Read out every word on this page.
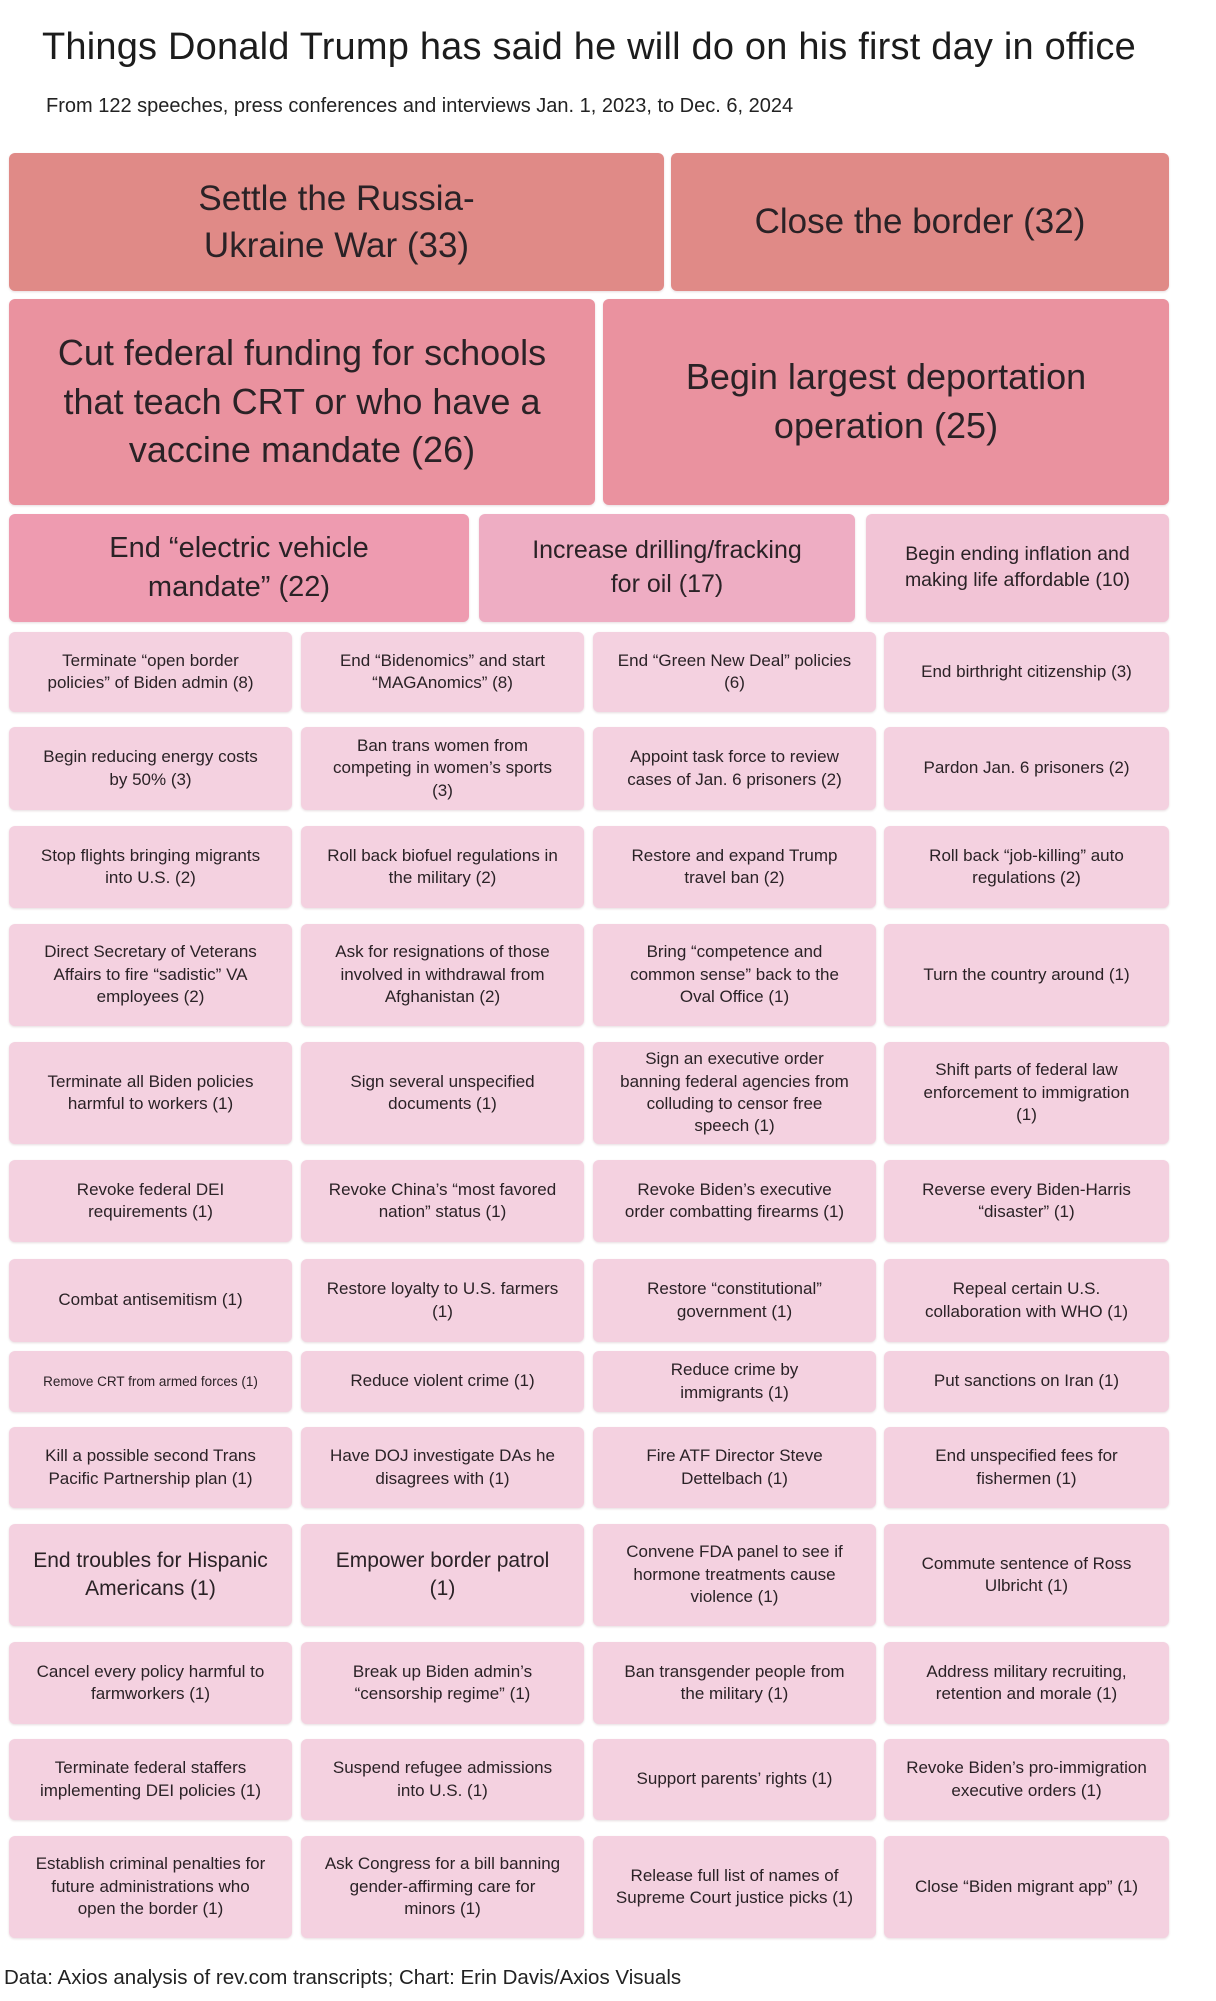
Things Donald Trump has said he will do on his first day in office
From 122 speeches, press conferences and interviews Jan. 1, 2023, to Dec. 6, 2024
Settle the Russia-
Ukraine War (33)
Close the border (32)
Cut federal funding for schools
that teach CRT or who have a
vaccine mandate (26)
Begin largest deportation
operation (25)
End “electric vehicle
mandate” (22)
Increase drilling/fracking
for oil (17)
Begin ending inflation and
making life affordable (10)
Terminate “open border
policies” of Biden admin (8)
End “Bidenomics” and start
“MAGAnomics” (8)
End “Green New Deal” policies
(6)
End birthright citizenship (3)
Begin reducing energy costs
by 50% (3)
Ban trans women from
competing in women’s sports
(3)
Appoint task force to review
cases of Jan. 6 prisoners (2)
Pardon Jan. 6 prisoners (2)
Stop flights bringing migrants
into U.S. (2)
Roll back biofuel regulations in
the military (2)
Restore and expand Trump
travel ban (2)
Roll back “job-killing” auto
regulations (2)
Direct Secretary of Veterans
Affairs to fire “sadistic” VA
employees (2)
Ask for resignations of those
involved in withdrawal from
Afghanistan (2)
Bring “competence and
common sense” back to the
Oval Office (1)
Turn the country around (1)
Terminate all Biden policies
harmful to workers (1)
Sign several unspecified
documents (1)
Sign an executive order
banning federal agencies from
colluding to censor free
speech (1)
Shift parts of federal law
enforcement to immigration
(1)
Revoke federal DEI
requirements (1)
Revoke China’s “most favored
nation” status (1)
Revoke Biden’s executive
order combatting firearms (1)
Reverse every Biden-Harris
“disaster” (1)
Combat antisemitism (1)
Restore loyalty to U.S. farmers
(1)
Restore “constitutional”
government (1)
Repeal certain U.S.
collaboration with WHO (1)
Remove CRT from armed forces (1)	Reduce violent crime (1)
Reduce crime by
immigrants (1)
Put sanctions on Iran (1)
Kill a possible second Trans
Pacific Partnership plan (1)
Have DOJ investigate DAs he
disagrees with (1)
Fire ATF Director Steve
Dettelbach (1)
End unspecified fees for
fishermen (1)
End troubles for Hispanic
Americans (1)
Empower border patrol
(1)
Convene FDA panel to see if
hormone treatments cause
violence (1)
Commute sentence of Ross
Ulbricht (1)
Cancel every policy harmful to
farmworkers (1)
Break up Biden admin’s
“censorship regime” (1)
Ban transgender people from
the military (1)
Address military recruiting,
retention and morale (1)
Terminate federal staffers
implementing DEI policies (1)
Suspend refugee admissions
into U.S. (1)
Support parents’ rights (1)
Revoke Biden’s pro-immigration
executive orders (1)
Establish criminal penalties for
future administrations who
open the border (1)
Ask Congress for a bill banning
gender-affirming care for
minors (1)
Release full list of names of
Supreme Court justice picks (1)
Close “Biden migrant app” (1)
Data: Axios analysis of rev.com transcripts; Chart: Erin Davis/Axios Visuals
